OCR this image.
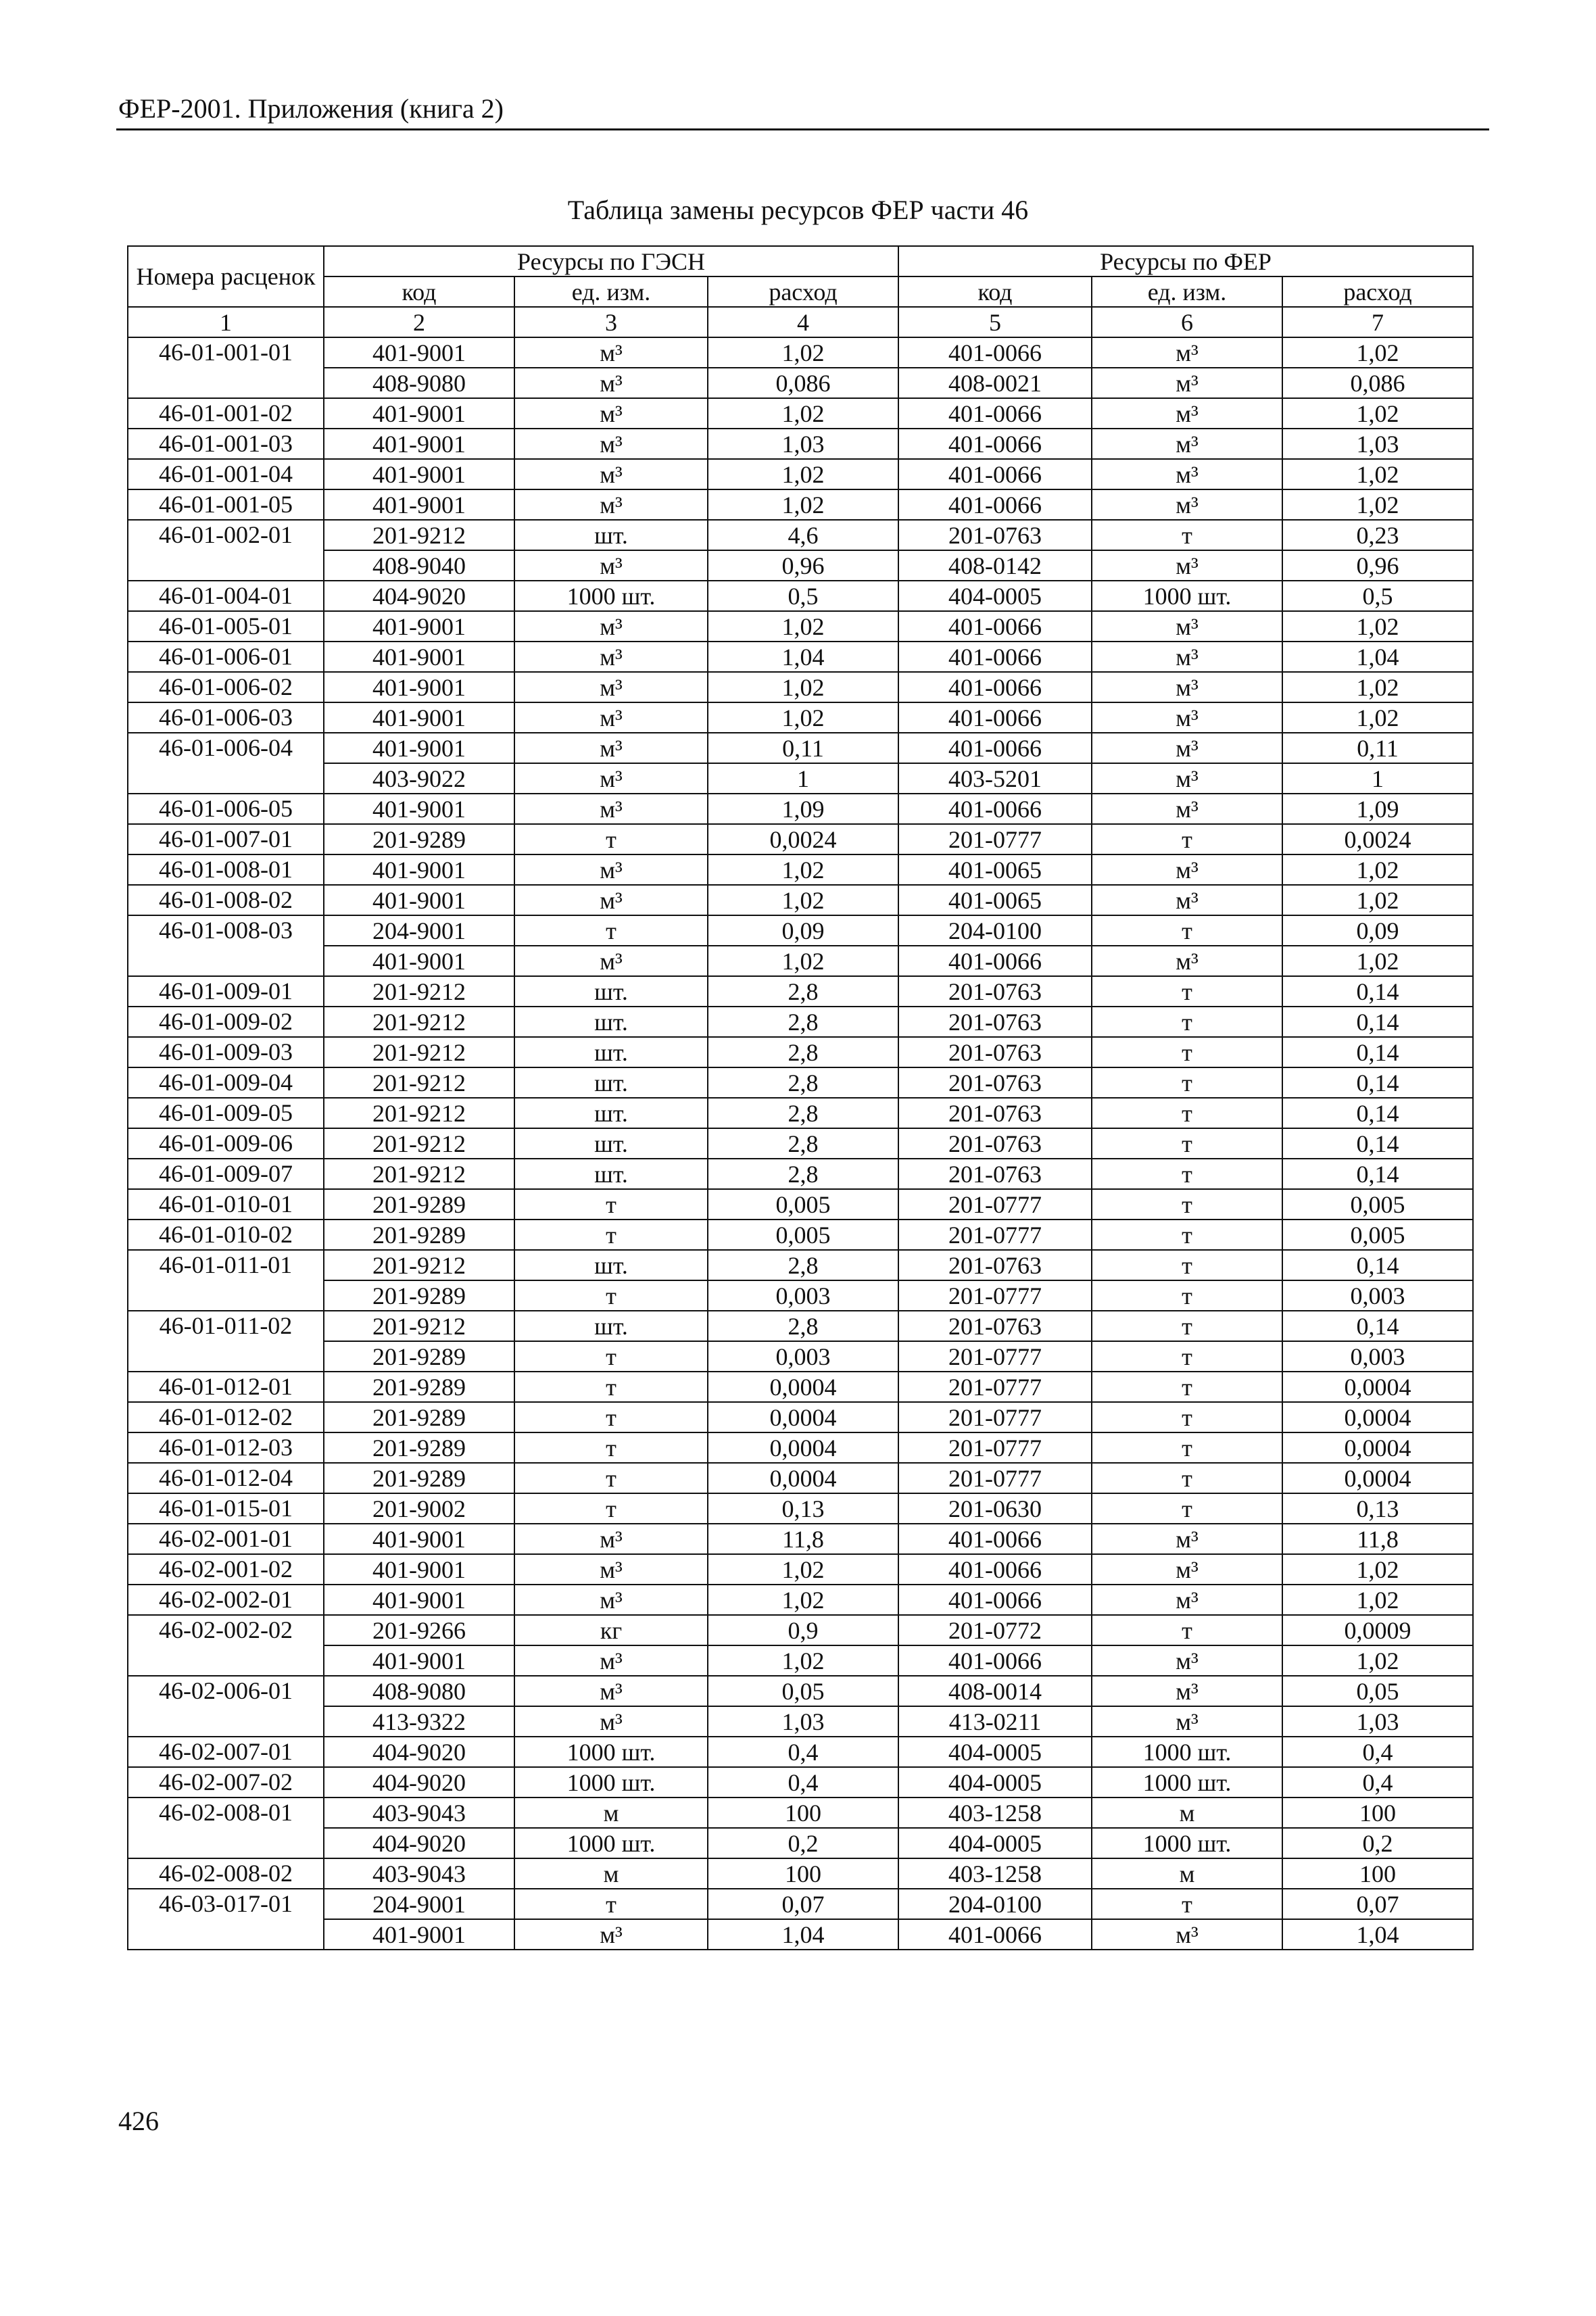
ФЕР-2001. Приложения (книга 2)
Таблица замены ресурсов ФЕР части 46
Номера расценок	Ресурсы по ГЭСН			Ресурсы по ФЕР		
	код	ед. изм.	расход	код	ед. изм.	расход
1	2	3	4	5	6	7
46-01-001-01	401-9001	м³	1,02	401-0066	м³	1,02
	408-9080	м³	0,086	408-0021	м³	0,086
46-01-001-02	401-9001	м³	1,02	401-0066	м³	1,02
46-01-001-03	401-9001	м³	1,03	401-0066	м³	1,03
46-01-001-04	401-9001	м³	1,02	401-0066	м³	1,02
46-01-001-05	401-9001	м³	1,02	401-0066	м³	1,02
46-01-002-01	201-9212	шт.	4,6	201-0763	т	0,23
	408-9040	м³	0,96	408-0142	м³	0,96
46-01-004-01	404-9020	1000 шт.	0,5	404-0005	1000 шт.	0,5
46-01-005-01	401-9001	м³	1,02	401-0066	м³	1,02
46-01-006-01	401-9001	м³	1,04	401-0066	м³	1,04
46-01-006-02	401-9001	м³	1,02	401-0066	м³	1,02
46-01-006-03	401-9001	м³	1,02	401-0066	м³	1,02
46-01-006-04	401-9001	м³	0,11	401-0066	м³	0,11
	403-9022	м³	1	403-5201	м³	1
46-01-006-05	401-9001	м³	1,09	401-0066	м³	1,09
46-01-007-01	201-9289	т	0,0024	201-0777	т	0,0024
46-01-008-01	401-9001	м³	1,02	401-0065	м³	1,02
46-01-008-02	401-9001	м³	1,02	401-0065	м³	1,02
46-01-008-03	204-9001	т	0,09	204-0100	т	0,09
	401-9001	м³	1,02	401-0066	м³	1,02
46-01-009-01	201-9212	шт.	2,8	201-0763	т	0,14
46-01-009-02	201-9212	шт.	2,8	201-0763	т	0,14
46-01-009-03	201-9212	шт.	2,8	201-0763	т	0,14
46-01-009-04	201-9212	шт.	2,8	201-0763	т	0,14
46-01-009-05	201-9212	шт.	2,8	201-0763	т	0,14
46-01-009-06	201-9212	шт.	2,8	201-0763	т	0,14
46-01-009-07	201-9212	шт.	2,8	201-0763	т	0,14
46-01-010-01	201-9289	т	0,005	201-0777	т	0,005
46-01-010-02	201-9289	т	0,005	201-0777	т	0,005
46-01-011-01	201-9212	шт.	2,8	201-0763	т	0,14
	201-9289	т	0,003	201-0777	т	0,003
46-01-011-02	201-9212	шт.	2,8	201-0763	т	0,14
	201-9289	т	0,003	201-0777	т	0,003
46-01-012-01	201-9289	т	0,0004	201-0777	т	0,0004
46-01-012-02	201-9289	т	0,0004	201-0777	т	0,0004
46-01-012-03	201-9289	т	0,0004	201-0777	т	0,0004
46-01-012-04	201-9289	т	0,0004	201-0777	т	0,0004
46-01-015-01	201-9002	т	0,13	201-0630	т	0,13
46-02-001-01	401-9001	м³	11,8	401-0066	м³	11,8
46-02-001-02	401-9001	м³	1,02	401-0066	м³	1,02
46-02-002-01	401-9001	м³	1,02	401-0066	м³	1,02
46-02-002-02	201-9266	кг	0,9	201-0772	т	0,0009
	401-9001	м³	1,02	401-0066	м³	1,02
46-02-006-01	408-9080	м³	0,05	408-0014	м³	0,05
	413-9322	м³	1,03	413-0211	м³	1,03
46-02-007-01	404-9020	1000 шт.	0,4	404-0005	1000 шт.	0,4
46-02-007-02	404-9020	1000 шт.	0,4	404-0005	1000 шт.	0,4
46-02-008-01	403-9043	м	100	403-1258	м	100
	404-9020	1000 шт.	0,2	404-0005	1000 шт.	0,2
46-02-008-02	403-9043	м	100	403-1258	м	100
46-03-017-01	204-9001	т	0,07	204-0100	т	0,07
	401-9001	м³	1,04	401-0066	м³	1,04
426
